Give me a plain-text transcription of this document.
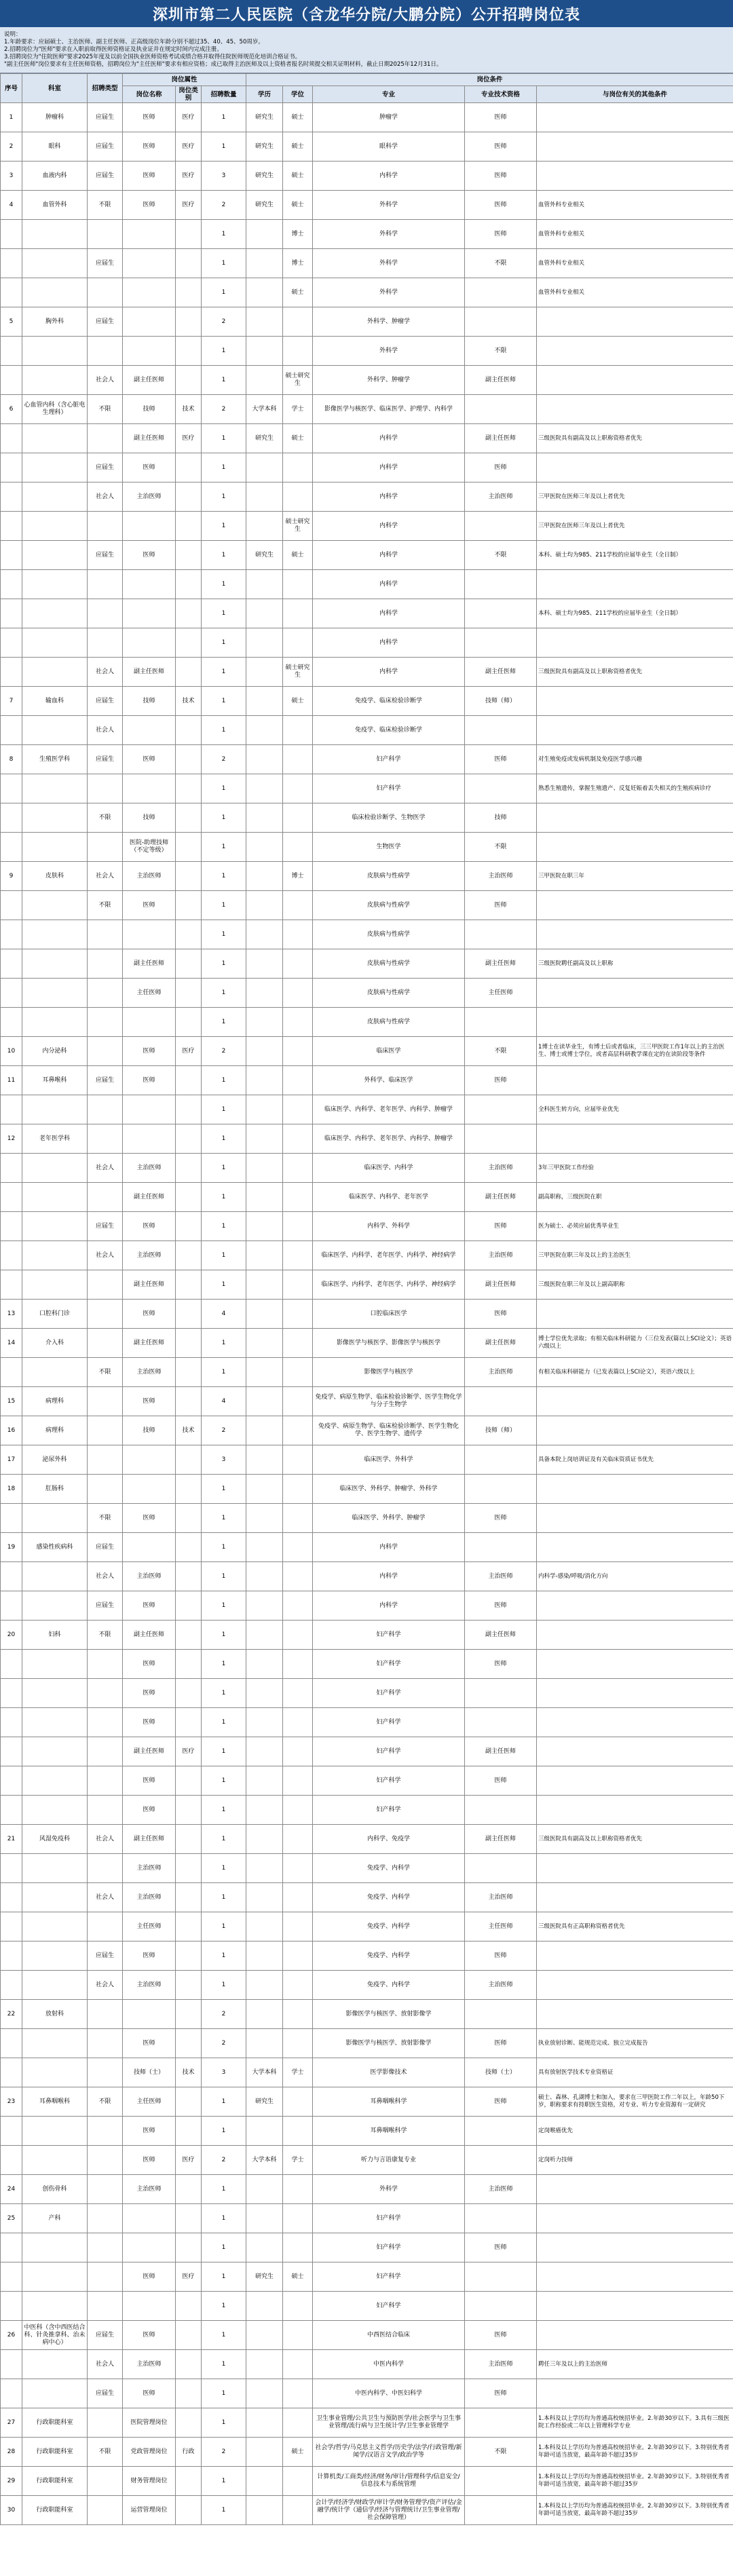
深圳市第二人民医院（含龙华分院/大鹏分院）公开招聘岗位表
说明：
1.年龄要求：应届硕士、主治医师、副主任医师、正高级岗位年龄分别不超过35、40、45、50周岁。
2.招聘岗位为"医师"要求在入职前取得医师资格证及执业证并在规定时间内完成注册。
3.招聘岗位为"住院医师"要求2025年度及以前全国执业医师资格考试成绩合格并取得住院医师规范化培训合格证书。
"副主任医师"岗位要求有主任医师资格，招聘岗位为"主任医师"要求有相应资格；成已取得主治医师及以上资格者报名时须提交相关证明材料，截止日期2025年12月31日。
序号	科室	招聘类型	岗位属性			岗位条件				
			岗位名称	岗位类别	招聘数量	学历	学位	专业	专业技术资格	与岗位有关的其他条件
1	肿瘤科	应届生	医师	医疗	1	研究生	硕士	肿瘤学	医师	
2	眼科	应届生	医师	医疗	1	研究生	硕士	眼科学	医师	
3	血液内科	应届生	医师	医疗	3	研究生	硕士	内科学	医师	
4	血管外科	不限	医师	医疗	2	研究生	硕士	外科学	医师	血管外科专业相关
					1		博士	外科学	医师	血管外科专业相关
		应届生			1		博士	外科学	不限	血管外科专业相关
					1		硕士	外科学		血管外科专业相关
5	胸外科	应届生			2			外科学、肿瘤学		
					1			外科学	不限	
		社会人	副主任医师		1		硕士研究生	外科学、肿瘤学	副主任医师	
6	心血管内科（含心脏电生理科）	不限	技师	技术	2	大学本科	学士	影像医学与核医学、临床医学、护理学、内科学		
			副主任医师	医疗	1	研究生	硕士	内科学	副主任医师	三级医院具有副高及以上职称资格者优先
		应届生	医师		1			内科学	医师	
		社会人	主治医师		1			内科学	主治医师	三甲医院在医师三年及以上者优先
					1		硕士研究生	内科学		三甲医院在医师三年及以上者优先
		应届生	医师		1	研究生	硕士	内科学	不限	本科、硕士均为985、211学校的应届毕业生（全日制）
					1			内科学		
					1			内科学		本科、硕士均为985、211学校的应届毕业生（全日制）
					1			内科学		
		社会人	副主任医师		1		硕士研究生	内科学	副主任医师	三级医院具有副高及以上职称资格者优先
7	输血科	应届生	技师	技术	1		硕士	免疫学、临床检验诊断学	技师（师）	
		社会人			1			免疫学、临床检验诊断学		
8	生殖医学科	应届生	医师		2			妇产科学	医师	对生殖免疫或发病机制及免疫医学感兴趣
					1			妇产科学		熟悉生殖遗传，掌握生殖遗产、反复妊娠着丢失相关的生殖疾病诊疗
		不限	技师		1			临床检验诊断学、生物医学	技师	
			医院-助理技师（不定等级）		1			生物医学	不限	
9	皮肤科	社会人	主治医师		1		博士	皮肤病与性病学	主治医师	三甲医院在职三年
		不限	医师		1			皮肤病与性病学	医师	
					1			皮肤病与性病学		
			副主任医师		1			皮肤病与性病学	副主任医师	三级医院聘任副高及以上职称
			主任医师		1			皮肤病与性病学	主任医师	
					1			皮肤病与性病学		
10	内分泌科		医师	医疗	2			临床医学	不限	1博士在读毕业生，有博士后或者临床，三三甲医院工作1年以上的主治医生、博士或博士学位，或者高层科研教学课在定的在读阶段等条件
11	耳鼻喉科	应届生	医师		1			外科学、临床医学	医师	
					1			临床医学、内科学、老年医学、内科学、肿瘤学		全科医生转方向，应届毕业优先
12	老年医学科				1			临床医学、内科学、老年医学、内科学、肿瘤学		
		社会人	主治医师		1			临床医学、内科学	主治医师	3年三甲医院工作经验
			副主任医师		1			临床医学、内科学、老年医学	副主任医师	副高职称，三级医院在职
		应届生	医师		1			内科学、外科学	医师	医为硕士、必须应届优秀毕业生
		社会人	主治医师		1			临床医学、内科学、老年医学、内科学、神经病学	主治医师	三甲医院在职三年及以上的主治医生
			副主任医师		1			临床医学、内科学、老年医学、内科学、神经病学	副主任医师	三级医院在职三年及以上副高职称
13	口腔科门诊		医师		4			口腔临床医学	医师	
14	介入科		副主任医师		1			影像医学与核医学、影像医学与核医学	副主任医师	博士学位优先录取；有相关临床科研能力（三位发表(篇以上SCI论文）；英语六级以上
		不限	主治医师		1			影像医学与核医学	主治医师	有相关临床科研能力（已发表篇以上SCI论文），英语六级以上
15	病理科		医师		4			免疫学、病原生物学、临床检验诊断学、医学生物化学与分子生物学		
16	病理科		技师	技术	2			免疫学、病原生物学、临床检验诊断学、医学生物化学、医学生物学、遗传学	技师（师）	
17	泌尿外科				3			临床医学、外科学		具备本院上岗培训证及有关临床资质证书优先
18	肛肠科				1			临床医学、外科学、肿瘤学、外科学		
		不限	医师		1			临床医学、外科学、肿瘤学	医师	
19	感染性疾病科	应届生			1			内科学		
		社会人	主治医师		1			内科学	主治医师	内科学-感染/呼吸/消化方向
		应届生	医师		1			内科学	医师	
20	妇科	不限	副主任医师		1			妇产科学	副主任医师	
			医师		1			妇产科学	医师	
			医师		1			妇产科学		
			医师		1			妇产科学		
			副主任医师	医疗	1			妇产科学	副主任医师	
			医师		1			妇产科学	医师	
			医师		1			妇产科学		
21	风湿免疫科	社会人	副主任医师		1			内科学、免疫学	副主任医师	三级医院具有副高及以上职称资格者优先
			主治医师		1			免疫学、内科学		
		社会人	主治医师		1			免疫学、内科学	主治医师	
			主任医师		1			免疫学、内科学	主任医师	三级医院具有正高职称资格者优先
		应届生	医师		1			免疫学、内科学	医师	
		社会人	主治医师		1			免疫学、内科学	主治医师	
22	放射科				2			影像医学与核医学、放射影像学		
			医师		2			影像医学与核医学、放射影像学	医师	执业放射诊断、能规范完成、独立完成报告
			技师（士）	技术	3	大学本科	学士	医学影像技术	技师（士）	具有放射医学技术专业资格证
23	耳鼻咽喉科	不限	主任医师		1	研究生		耳鼻咽喉科学	医师	硕士、森林、孔湖博士和加入，要求在三甲医院工作二年以上，年龄50下岁，职称要求有持职医生资格，对专业、听力专业资源有一定研究
			医师		1			耳鼻咽喉科学		定岗喉癌优先
			医师	医疗	2	大学本科	学士	听力与言语康复专业		定岗听力技师
24	创伤骨科		主治医师		1			外科学	主治医师	
25	产科				1			妇产科学		
					1			妇产科学	医师	
			医师	医疗	1	研究生	硕士	妇产科学		
					1			妇产科学		
26	中医科（含中西医结合科、针灸推拿科、治未病中心）	应届生	医师		1			中西医结合临床	医师	
		社会人	主治医师		1			中医内科学	主治医师	聘任三年及以上的主治医师
		应届生	医师		1			中医内科学、中医妇科学	医师	
27	行政职能科室		医院管理岗位		1			卫生事业管理/公共卫生与预防医学/社会医学与卫生事业管理/流行病与卫生统计学/卫生事业管理学		1.本科及以上学历均为普通高校统招毕业。2.年龄30岁以下。3.具有三级医院工作经验或二年以上管理科学专业
28	行政职能科室	不限	党政管理岗位	行政	2		硕士	社会学/哲学/马克思主义哲学/历史学/法学/行政管理/新闻学/汉语言文学/政治学等	不限	1.本科及以上学历均为普通高校统招毕业。2.年龄30岁以下。3.特别优秀者年龄可适当放宽，最高年龄不超过35岁
29	行政职能科室		财务管理岗位		1			计算机类/工商类/经济/财务/审计/管理科学/信息安全/信息技术与系统管理		1.本科及以上学历均为普通高校统招毕业。2.年龄30岁以下。3.特别优秀者年龄可适当放宽，最高年龄不超过35岁
30	行政职能科室		运营管理岗位		1			会计学/经济学/财政学/审计学/财务管理学/资产评估/金融学/统计学（通信学/经济与管理统计/卫生事业管理/社会保障管理）		1.本科及以上学历均为普通高校统招毕业。2.年龄30岁以下。3.特别优秀者年龄可适当放宽，最高年龄不超过35岁
